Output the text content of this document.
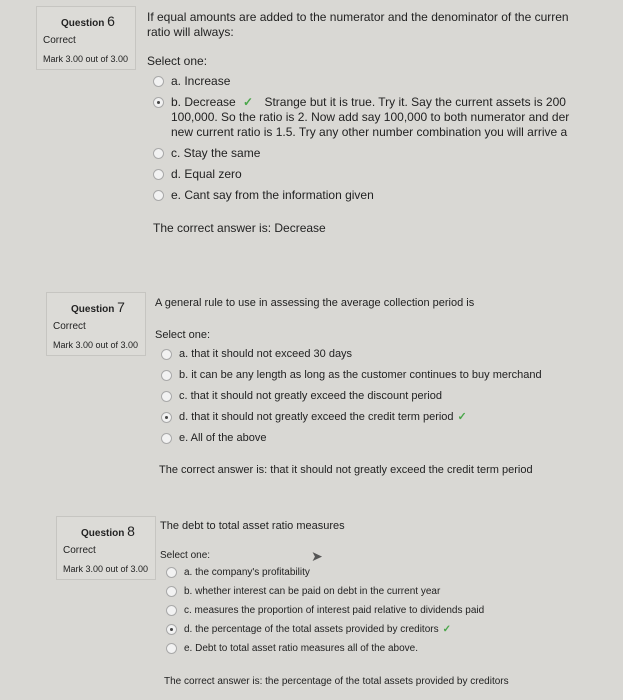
Question 6
Correct
Mark 3.00 out of 3.00
If equal amounts are added to the numerator and the denominator of the curren ratio will always:
Select one:
a. Increase
b. Decrease ✓ Strange but it is true. Try it. Say the current assets is 200 100,000. So the ratio is 2. Now add say 100,000 to both numerator and der new current ratio is 1.5. Try any other number combination you will arrive a
c. Stay the same
d. Equal zero
e. Cant say from the information given
The correct answer is: Decrease
Question 7
Correct
Mark 3.00 out of 3.00
A general rule to use in assessing the average collection period is
Select one:
a. that it should not exceed 30 days
b. it can be any length as long as the customer continues to buy merchand
c. that it should not greatly exceed the discount period
d. that it should not greatly exceed the credit term period ✓
e. All of the above
The correct answer is: that it should not greatly exceed the credit term period
Question 8
Correct
Mark 3.00 out of 3.00
The debt to total asset ratio measures
Select one:
a. the company's profitability
b. whether interest can be paid on debt in the current year
c. measures the proportion of interest paid relative to dividends paid
d. the percentage of the total assets provided by creditors ✓
e. Debt to total asset ratio measures all of the above.
The correct answer is: the percentage of the total assets provided by creditors
➤
